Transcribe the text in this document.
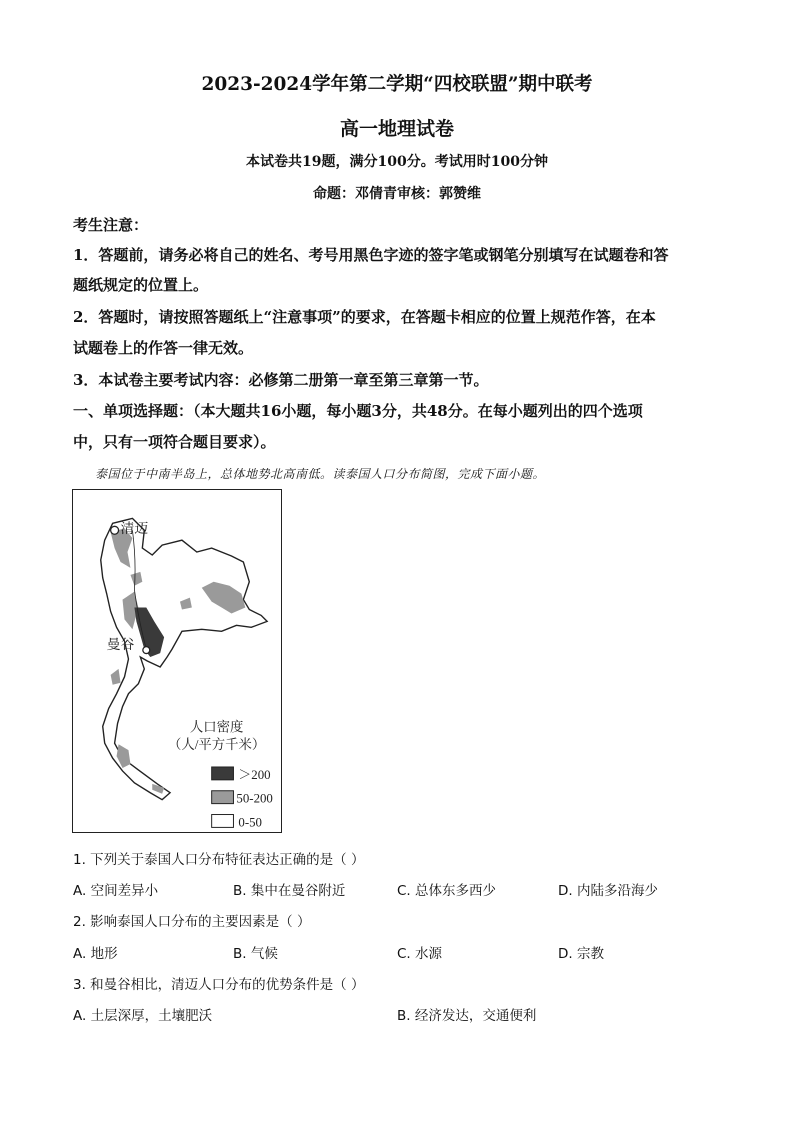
2023-2024学年第二学期“四校联盟”期中联考
高一地理试卷
本试卷共19题，满分100分。考试用时100分钟
命题：邓倩青审核：郭赞维
考生注意：
1．答题前，请务必将自己的姓名、考号用黑色字迹的签字笔或钢笔分别填写在试题卷和答
题纸规定的位置上。
2．答题时，请按照答题纸上“注意事项”的要求，在答题卡相应的位置上规范作答，在本
试题卷上的作答一律无效。
3．本试卷主要考试内容：必修第二册第一章至第三章第一节。
一、单项选择题：（本大题共16小题，每小题3分，共48分。在每小题列出的四个选项
中，只有一项符合题目要求）。
泰国位于中南半岛上，总体地势北高南低。读泰国人口分布简图，完成下面小题。
清迈
曼谷
人口密度
（人/平方千米）
＞200
50-200
0-50
1. 下列关于泰国人口分布特征表达正确的是（ ）
A. 空间差异小	B. 集中在曼谷附近	C. 总体东多西少	D. 内陆多沿海少
2. 影响泰国人口分布的主要因素是（ ）
A. 地形	B. 气候	C. 水源	D. 宗教
3. 和曼谷相比，清迈人口分布的优势条件是（ ）
A. 土层深厚，土壤肥沃	B. 经济发达，交通便利
